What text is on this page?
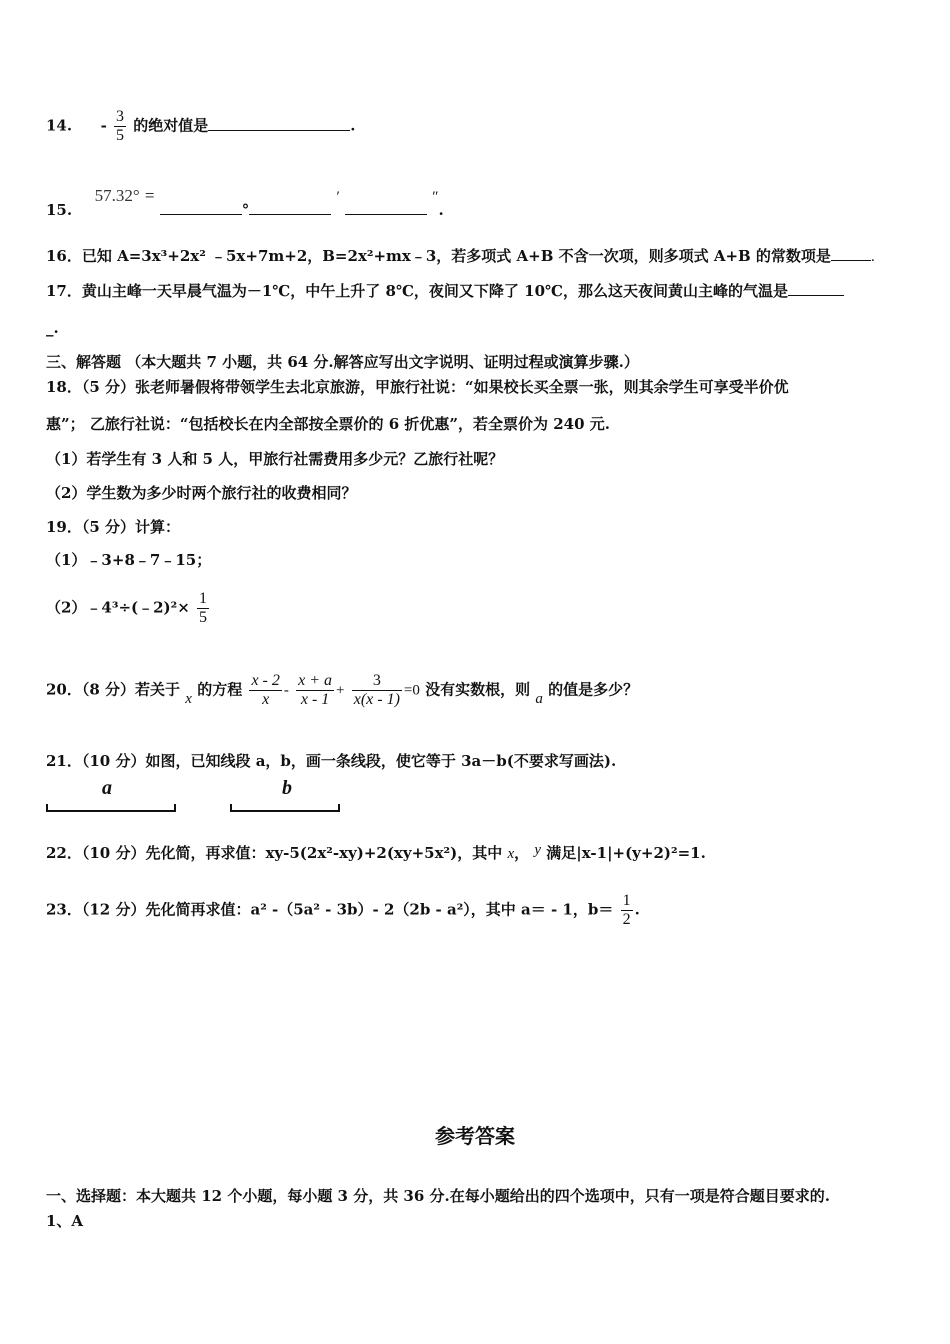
14. - $\frac{3}{5}$ 的绝对值是	.
15.  57.32° = ° ′	″.
16．已知 A=3x³+2x² ﹣5x+7m+2，B=2x²+mx﹣3，若多项式 A+B 不含一次项，则多项式 A+B 的常数项是	.
17．黄山主峰一天早晨气温为－1℃，中午上升了 8℃，夜间又下降了 10℃，那么这天夜间黄山主峰的气温是
_.
三、解答题 （本大题共 7 小题，共 64 分.解答应写出文字说明、证明过程或演算步骤.）
18．（5 分）张老师暑假将带领学生去北京旅游，甲旅行社说：“如果校长买全票一张，则其余学生可享受半价优
惠”； 乙旅行社说：“包括校长在内全部按全票价的 6 折优惠”，若全票价为 240 元.
（1）若学生有 3 人和 5 人，甲旅行社需费用多少元？乙旅行社呢？
（2）学生数为多少时两个旅行社的收费相同？
19．（5 分）计算：
（1）﹣3+8﹣7﹣15；
（2）﹣4³÷(﹣2)²× $\frac{1}{5}$
20．（8 分）若关于 x 的方程 $\frac{x - 2}{x} - \frac{x + a}{x - 1} + \frac{3}{x(x - 1)} =0$ 没有实数根，则 a 的值是多少？
21．（10 分）如图，已知线段 a，b，画一条线段，使它等于 3a－b(不要求写画法).
a	b
22．（10 分）先化简，再求值：xy-5(2x²-xy)+2(xy+5x²)，其中 x， y 满足|x-1|+(y+2)²=1.
23．（12 分）先化简再求值：a² -（5a² - 3b）- 2（2b - a²），其中 a＝ - 1，$b= \frac{1}{2}$ .
参考答案
一、选择题：本大题共 12 个小题，每小题 3 分，共 36 分.在每小题给出的四个选项中，只有一项是符合题目要求的.
1、A
